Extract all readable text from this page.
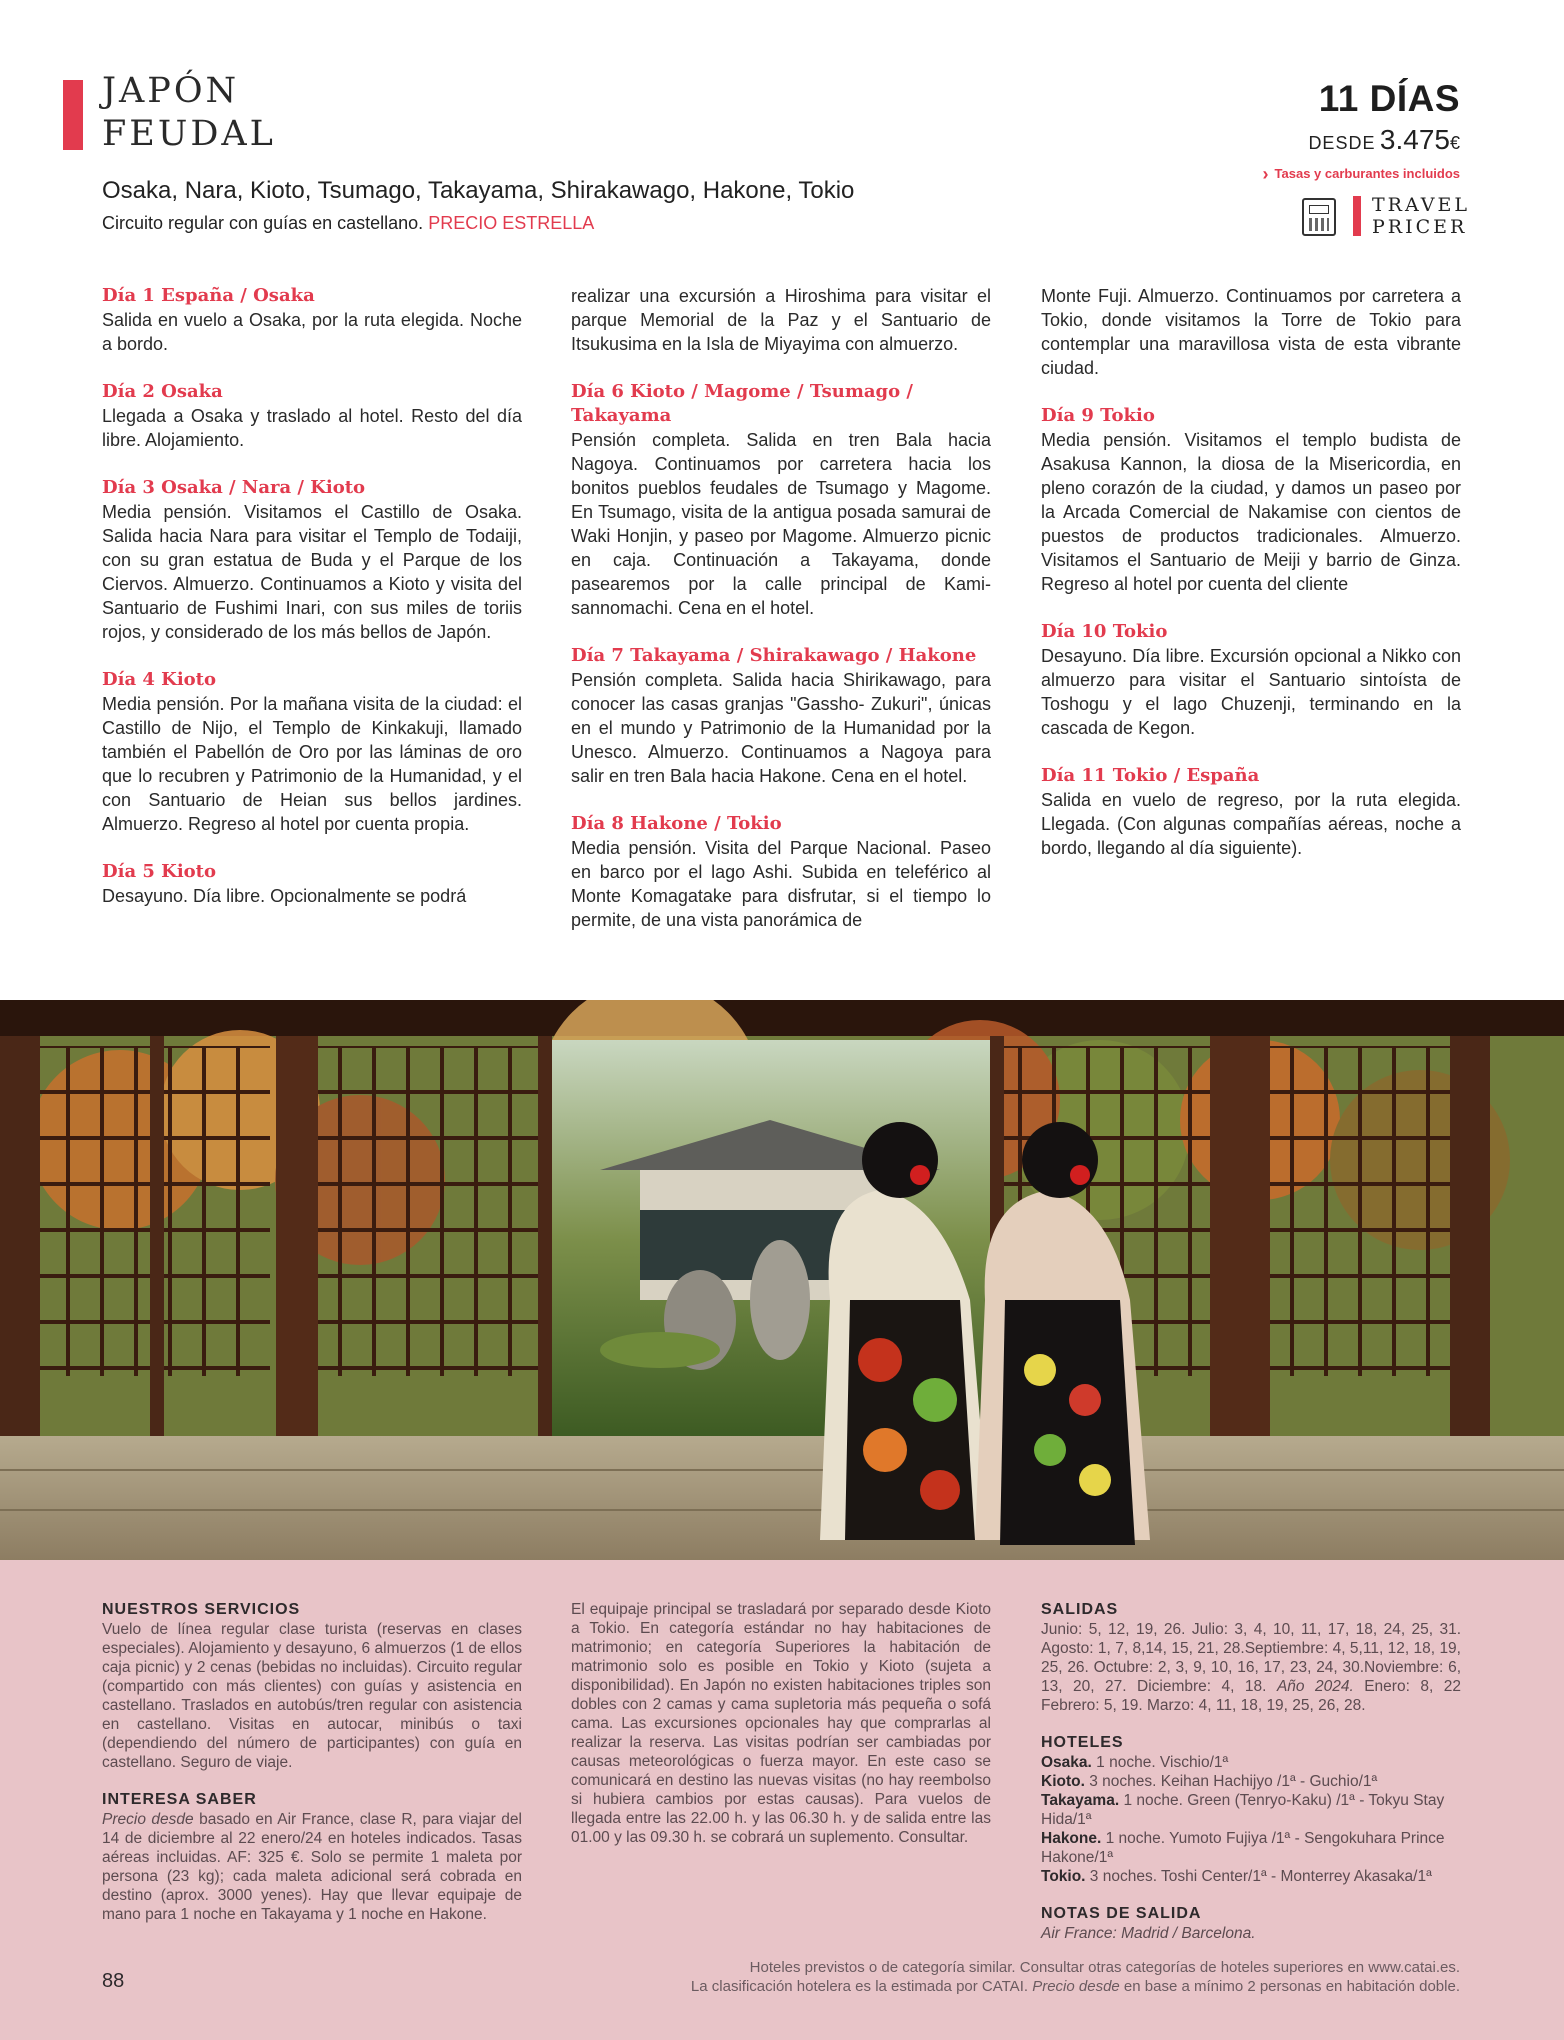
JAPÓN
FEUDAL
Osaka, Nara, Kioto, Tsumago, Takayama, Shirakawago, Hakone, Tokio
Circuito regular con guías en castellano. PRECIO ESTRELLA
11 DÍAS
DESDE 3.475€
› Tasas y carburantes incluidos
TRAVEL
PRICER
Día 1 España / Osaka

Salida en vuelo a Osaka, por la ruta elegida. Noche a bordo.

Día 2 Osaka

Llegada a Osaka y traslado al hotel. Resto del día libre. Alojamiento.

Día 3 Osaka / Nara / Kioto

Media pensión. Visitamos el Castillo de Osaka. Salida hacia Nara para visitar el Templo de Todaiji, con su gran estatua de Buda y el Parque de los Ciervos. Almuerzo. Continuamos a Kioto y visita del Santuario de Fushimi Inari, con sus miles de toriis rojos, y considerado de los más bellos de Japón.

Día 4 Kioto

Media pensión. Por la mañana visita de la ciudad: el Castillo de Nijo, el Templo de Kinkakuji, llamado también el Pabellón de Oro por las láminas de oro que lo recubren y Patrimonio de la Humanidad, y el con Santuario de Heian sus bellos jardines. Almuerzo. Regreso al hotel por cuenta propia.

Día 5 Kioto

Desayuno. Día libre. Opcionalmente se podrá

realizar una excursión a Hiroshima para visitar el parque Memorial de la Paz y el Santuario de Itsukusima en la Isla de Miyayima con almuerzo.

Día 6 Kioto / Magome / Tsumago / Takayama

Pensión completa. Salida en tren Bala hacia Nagoya. Continuamos por carretera hacia los bonitos pueblos feudales de Tsumago y Magome. En Tsumago, visita de la antigua posada samurai de Waki Honjin, y paseo por Magome. Almuerzo picnic en caja. Continuación a Takayama, donde pasearemos por la calle principal de Kami-sannomachi. Cena en el hotel.

Día 7 Takayama / Shirakawago / Hakone

Pensión completa. Salida hacia Shirikawago, para conocer las casas granjas "Gassho- Zukuri", únicas en el mundo y Patrimonio de la Humanidad por la Unesco. Almuerzo. Continuamos a Nagoya para salir en tren Bala hacia Hakone. Cena en el hotel.

Día 8 Hakone / Tokio

Media pensión. Visita del Parque Nacional. Paseo en barco por el lago Ashi. Subida en teleférico al Monte Komagatake para disfrutar, si el tiempo lo permite, de una vista panorámica de

Monte Fuji. Almuerzo. Continuamos por carretera a Tokio, donde visitamos la Torre de Tokio para contemplar una maravillosa vista de esta vibrante ciudad.

Día 9 Tokio

Media pensión. Visitamos el templo budista de Asakusa Kannon, la diosa de la Misericordia, en pleno corazón de la ciudad, y damos un paseo por la Arcada Comercial de Nakamise con cientos de puestos de productos tradicionales. Almuerzo. Visitamos el Santuario de Meiji y barrio de Ginza. Regreso al hotel por cuenta del cliente

Día 10 Tokio

Desayuno. Día libre. Excursión opcional a Nikko con almuerzo para visitar el Santuario sintoísta de Toshogu y el lago Chuzenji, terminando en la cascada de Kegon.

Día 11 Tokio / España

Salida en vuelo de regreso, por la ruta elegida. Llegada. (Con algunas compañías aéreas, noche a bordo, llegando al día siguiente).

NUESTROS SERVICIOS

Vuelo de línea regular clase turista (reservas en clases especiales). Alojamiento y desayuno, 6 almuerzos (1 de ellos caja picnic) y 2 cenas (bebidas no incluidas). Circuito regular (compartido con más clientes) con guías y asistencia en castellano. Traslados en autobús/tren regular con asistencia en castellano. Visitas en autocar, minibús o taxi (dependiendo del número de participantes) con guía en castellano. Seguro de viaje.

INTERESA SABER

Precio desde basado en Air France, clase R, para viajar del 14 de diciembre al 22 enero/24 en hoteles indicados. Tasas aéreas incluidas. AF: 325 €. Solo se permite 1 maleta por persona (23 kg); cada maleta adicional será cobrada en destino (aprox. 3000 yenes). Hay que llevar equipaje de mano para 1 noche en Takayama y 1 noche en Hakone.

El equipaje principal se trasladará por separado desde Kioto a Tokio. En categoría estándar no hay habitaciones de matrimonio; en categoría Superiores la habitación de matrimonio solo es posible en Tokio y Kioto (sujeta a disponibilidad). En Japón no existen habitaciones triples son dobles con 2 camas y cama supletoria más pequeña o sofá cama. Las excursiones opcionales hay que comprarlas al realizar la reserva. Las visitas podrían ser cambiadas por causas meteorológicas o fuerza mayor. En este caso se comunicará en destino las nuevas visitas (no hay reembolso si hubiera cambios por estas causas). Para vuelos de llegada entre las 22.00 h. y las 06.30 h. y de salida entre las 01.00 y las 09.30 h. se cobrará un suplemento. Consultar.

SALIDAS

Junio: 5, 12, 19, 26. Julio: 3, 4, 10, 11, 17, 18, 24, 25, 31. Agosto: 1, 7, 8,14, 15, 21, 28.Septiembre: 4, 5,11, 12, 18, 19, 25, 26. Octubre: 2, 3, 9, 10, 16, 17, 23, 24, 30.Noviembre: 6, 13, 20, 27. Diciembre: 4, 18. Año 2024. Enero: 8, 22 Febrero: 5, 19. Marzo: 4, 11, 18, 19, 25, 26, 28.

HOTELES
Osaka. 1 noche. Vischio/1ª
Kioto. 3 noches. Keihan Hachijyo /1ª - Guchio/1ª
Takayama. 1 noche. Green (Tenryo-Kaku) /1ª - Tokyu Stay Hida/1ª
Hakone. 1 noche. Yumoto Fujiya /1ª - Sengokuhara Prince Hakone/1ª
Tokio. 3 noches. Toshi Center/1ª - Monterrey Akasaka/1ª
NOTAS DE SALIDA

Air France: Madrid / Barcelona.

88
Hoteles previstos o de categoría similar. Consultar otras categorías de hoteles superiores en www.catai.es.
La clasificación hotelera es la estimada por CATAI. Precio desde en base a mínimo 2 personas en habitación doble.
